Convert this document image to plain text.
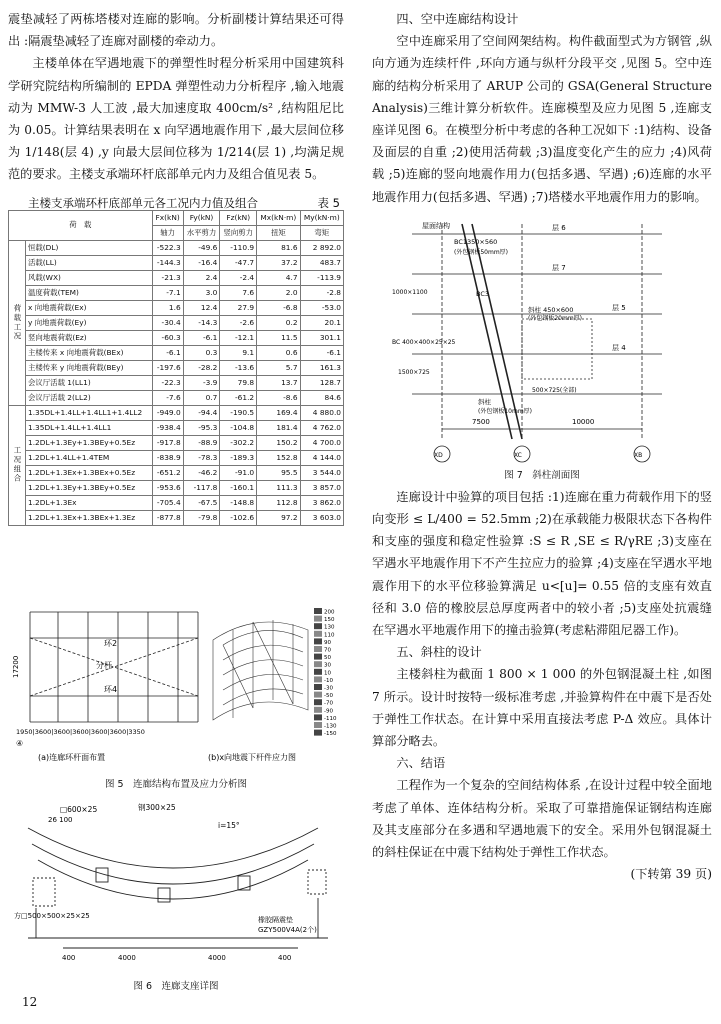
震垫减轻了两栋塔楼对连廊的影响。分析副楼计算结果还可得出 :隔震垫减轻了连廊对副楼的牵动力。

主楼单体在罕遇地震下的弹塑性时程分析采用中国建筑科学研究院结构所编制的 EPDA 弹塑性动力分析程序 ,输入地震动为 MMW-3 人工波 ,最大加速度取 400cm/s² ,结构阻尼比为 0.05。计算结果表明在 x 向罕遇地震作用下 ,最大层间位移为 1/148(层 4) ,y 向最大层间位移为 1/214(层 1) ,均满足规范的要求。主楼支承端环杆底部单元内力及组合值见表 5。

主楼支承端环杆底部单元各工况内力值及组合	表 5
荷　载		Fx(kN)	Fy(kN)	Fz(kN)	Mx(kN·m)	My(kN·m)
		轴力	水平剪力	竖向剪力	扭矩	弯矩
荷载工况	恒载(DL)	-522.3	-49.6	-110.9	81.6	2 892.0
	活载(LL)	-144.3	-16.4	-47.7	37.2	483.7
	风载(WX)	-21.3	2.4	-2.4	4.7	-113.9
	温度荷载(TEM)	-7.1	3.0	7.6	2.0	-2.8
	x 向地震荷载(Ex)	1.6	12.4	27.9	-6.8	-53.0
	y 向地震荷载(Ey)	-30.4	-14.3	-2.6	0.2	20.1
	竖向地震荷载(Ez)	-60.3	-6.1	-12.1	11.5	301.1
	主楼传来 x 向地震荷载(BEx)	-6.1	0.3	9.1	0.6	-6.1
	主楼传来 y 向地震荷载(BEy)	-197.6	-28.2	-13.6	5.7	161.3
	会议厅活载 1(LL1)	-22.3	-3.9	79.8	13.7	128.7
	会议厅活载 2(LL2)	-7.6	0.7	-61.2	-8.6	84.6
工况组合	1.35DL+1.4LL+1.4LL1+1.4LL2	-949.0	-94.4	-190.5	169.4	4 880.0
	1.35DL+1.4LL+1.4LL1	-938.4	-95.3	-104.8	181.4	4 762.0
	1.2DL+1.3Ey+1.3BEy+0.5Ez	-917.8	-88.9	-302.2	150.2	4 700.0
	1.2DL+1.4LL+1.4TEM	-838.9	-78.3	-189.3	152.8	4 144.0
	1.2DL+1.3Ex+1.3BEx+0.5Ez	-651.2	-46.2	-91.0	95.5	3 544.0
	1.2DL+1.3Ey+1.3BEy+0.5Ez	-953.6	-117.8	-160.1	111.3	3 857.0
	1.2DL+1.3Ex	-705.4	-67.5	-148.8	112.8	3 862.0
	1.2DL+1.3Ex+1.3BEx+1.3Ez	-877.8	-79.8	-102.6	97.2	3 603.0
环2
环4
分杆
17200
1950|3600|3600|3600|3600|3600|3350
④
200
150
130
110
90
70
50
30
10
-10
-30
-50
-70
-90
-110
-130
-150
(a)连廊环杆面布置	(b)x向地震下杆件应力图
图 5　连廊结构布置及应力分析图
□600×25	钢300×25
i=15°
26 100
方□500×500×25×25
400	4000	4000	400
橡胶隔震垫
GZY500V4A(2个)
图 6　连廊支座详图
12

四、空中连廊结构设计

空中连廊采用了空间网架结构。构件截面型式为方钢管 ,纵向方通为连续杆件 ,环向方通与纵杆分段平交 ,见图 5。空中连廊的结构分析采用了 ARUP 公司的 GSA(General Structure Analysis)三维计算分析软件。连廊模型及应力见图 5 ,连廊支座详见图 6。在模型分析中考虑的各种工况如下 :1)结构、设备及面层的自重 ;2)使用活荷载 ;3)温度变化产生的应力 ;4)风荷载 ;5)连廊的竖向地震作用力(包括多遇、罕遇) ;6)连廊的水平地震作用力(包括多遇、罕遇) ;7)塔楼水平地震作用力的影响。

屋面结构	层 6
层 7
层 5
层 4
BC1350×560
(外包钢板50mm厚)
BC3
BC 400×400×25×25
1000×1100
斜柱 450×600
(外包钢板20mm厚)
1500×725
500×725(全部)
斜柱
(外包钢板10mm厚)
7500	10000
XD	XC	XB
图 7　斜柱剖面图

连廊设计中验算的项目包括 :1)连廊在重力荷载作用下的竖向变形 ≤ L/400 = 52.5mm ;2)在承载能力极限状态下各构件和支座的强度和稳定性验算 :S ≤ R ,SE ≤ R/γRE ;3)支座在罕遇水平地震作用下不产生拉应力的验算 ;4)支座在罕遇水平地震作用下的水平位移验算满足 u<[u]= 0.55 倍的支座有效直径和 3.0 倍的橡胶层总厚度两者中的较小者 ;5)支座处抗震缝在罕遇水平地震作用下的撞击验算(考虑粘滞阻尼器工作)。

五、斜柱的设计

主楼斜柱为截面 1 800 × 1 000 的外包钢混凝土柱 ,如图 7 所示。设计时按特一级标准考虑 ,并验算构件在中震下是否处于弹性工作状态。在计算中采用直接法考虑 P-Δ 效应。具体计算部分略去。

六、结语

工程作为一个复杂的空间结构体系 ,在设计过程中较全面地考虑了单体、连体结构分析。采取了可靠措施保证钢结构连廊及其支座部分在多遇和罕遇地震下的安全。采用外包钢混凝土的斜柱保证在中震下结构处于弹性工作状态。
(下转第 39 页)
